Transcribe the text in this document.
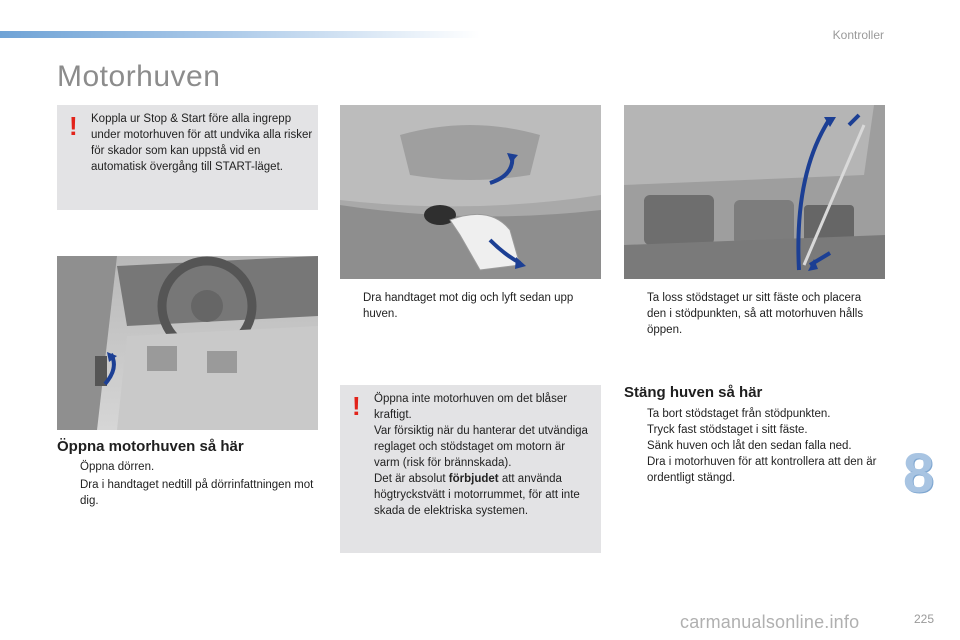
Kontroller
Motorhuven
! Koppla ur Stop & Start före alla ingrepp under motorhuven för att undvika alla risker för skador som kan uppstå vid en automatisk övergång till START-läget.
Öppna motorhuven så här
Öppna dörren.
Dra i handtaget nedtill på dörrinfattningen mot dig.
Dra handtaget mot dig och lyft sedan upp huven.
! Öppna inte motorhuven om det blåser kraftigt.
Var försiktig när du hanterar det utvändiga reglaget och stödstaget om motorn är varm (risk för brännskada).
Det är absolut förbjudet att använda högtryckstvätt i motorrummet, för att inte skada de elektriska systemen.
Ta loss stödstaget ur sitt fäste och placera den i stödpunkten, så att motorhuven hålls öppen.
Stäng huven så här
Ta bort stödstaget från stödpunkten.
Tryck fast stödstaget i sitt fäste.
Sänk huven och låt den sedan falla ned.
Dra i motorhuven för att kontrollera att den är ordentligt stängd.	8
carmanualsonline.info	225
